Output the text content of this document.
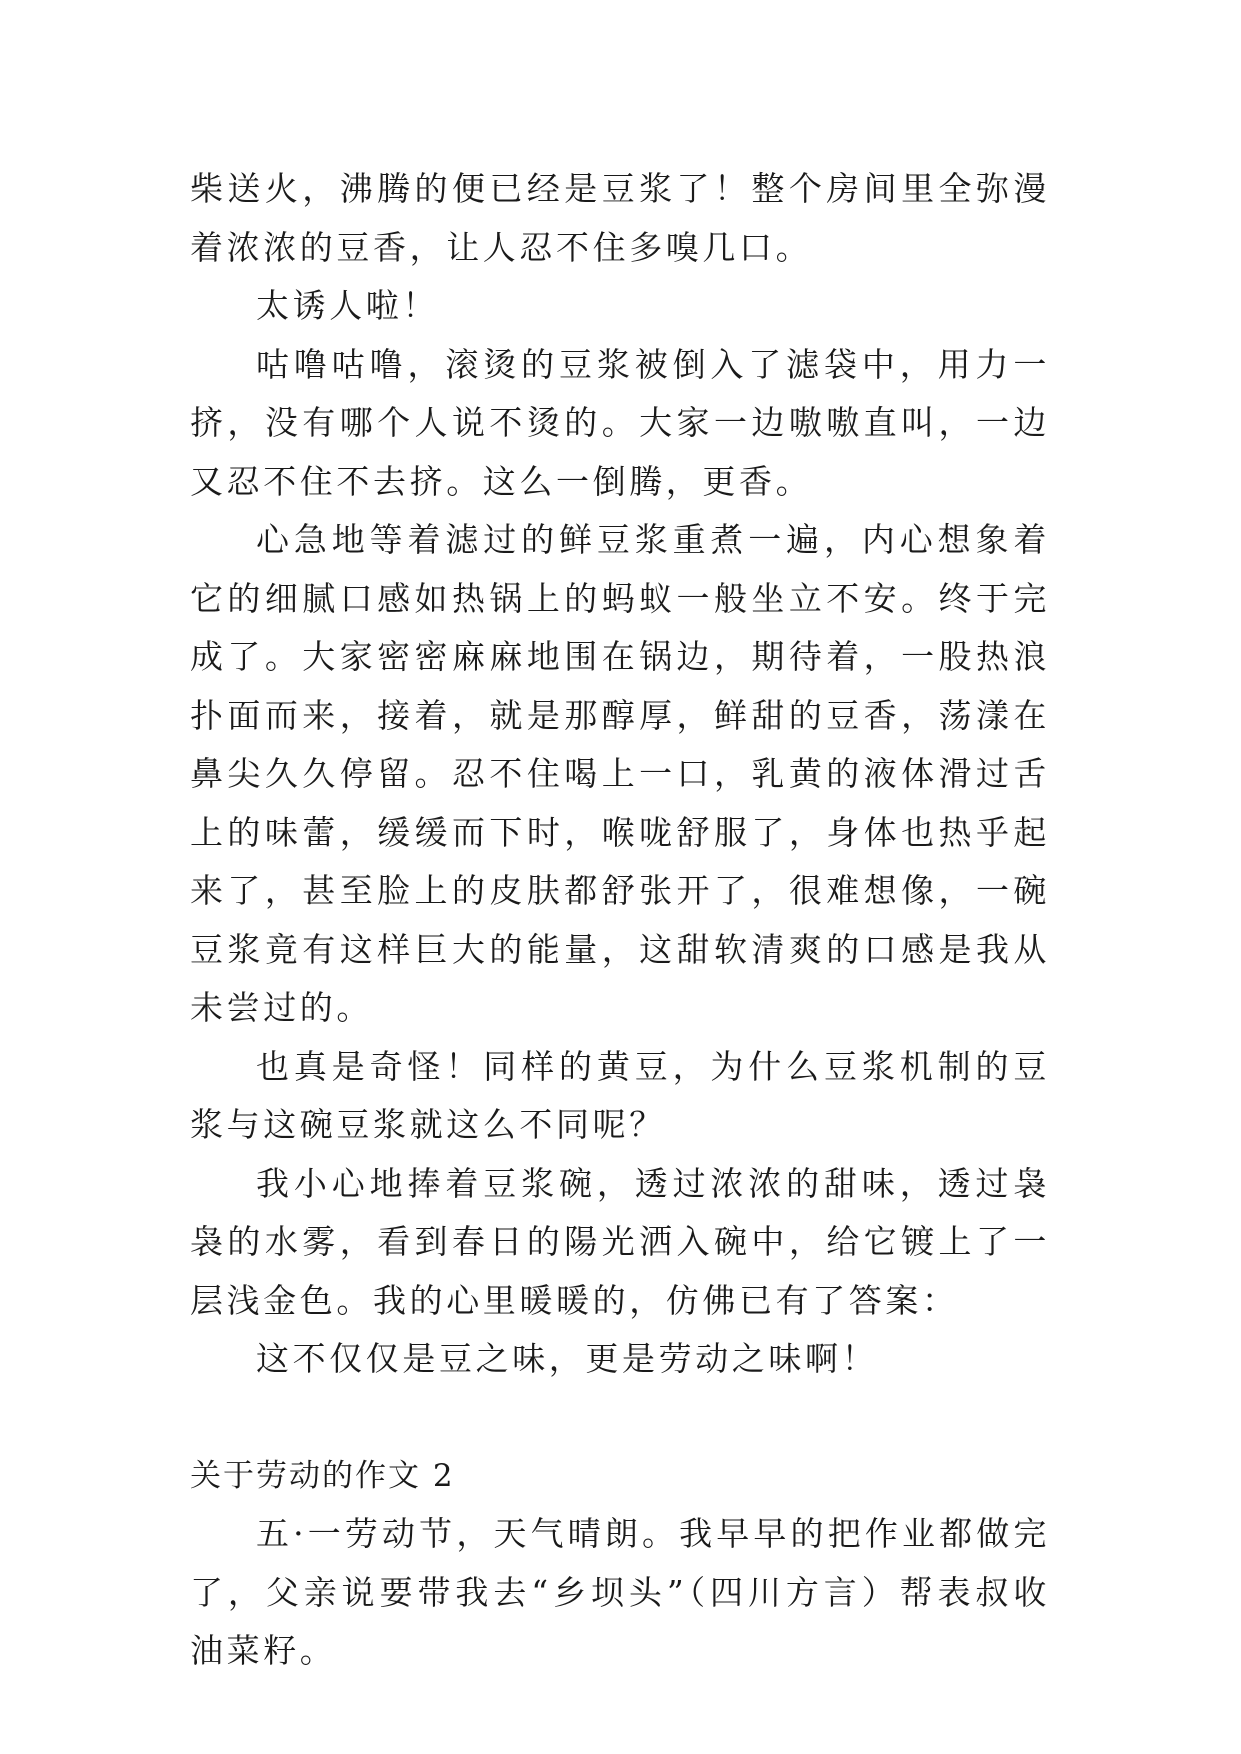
柴送火，沸腾的便已经是豆浆了！整个房间里全弥漫着浓浓的豆香，让人忍不住多嗅几口。

太诱人啦！

咕噜咕噜，滚烫的豆浆被倒入了滤袋中，用力一挤，没有哪个人说不烫的。大家一边嗷嗷直叫，一边又忍不住不去挤。这么一倒腾，更香。

心急地等着滤过的鲜豆浆重煮一遍，内心想象着它的细腻口感如热锅上的蚂蚁一般坐立不安。终于完成了。大家密密麻麻地围在锅边，期待着，一股热浪扑面而来，接着，就是那醇厚，鲜甜的豆香，荡漾在鼻尖久久停留。忍不住喝上一口，乳黄的液体滑过舌上的味蕾，缓缓而下时，喉咙舒服了，身体也热乎起来了，甚至脸上的皮肤都舒张开了，很难想像，一碗豆浆竟有这样巨大的能量，这甜软清爽的口感是我从未尝过的。

也真是奇怪！同样的黄豆，为什么豆浆机制的豆浆与这碗豆浆就这么不同呢？

我小心地捧着豆浆碗，透过浓浓的甜味，透过袅袅的水雾，看到春日的陽光洒入碗中，给它镀上了一层浅金色。我的心里暖暖的，仿佛已有了答案：

这不仅仅是豆之味，更是劳动之味啊！

关于劳动的作文 2

五·一劳动节，天气晴朗。我早早的把作业都做完了，父亲说要带我去“乡坝头”（四川方言）帮表叔收油菜籽。
